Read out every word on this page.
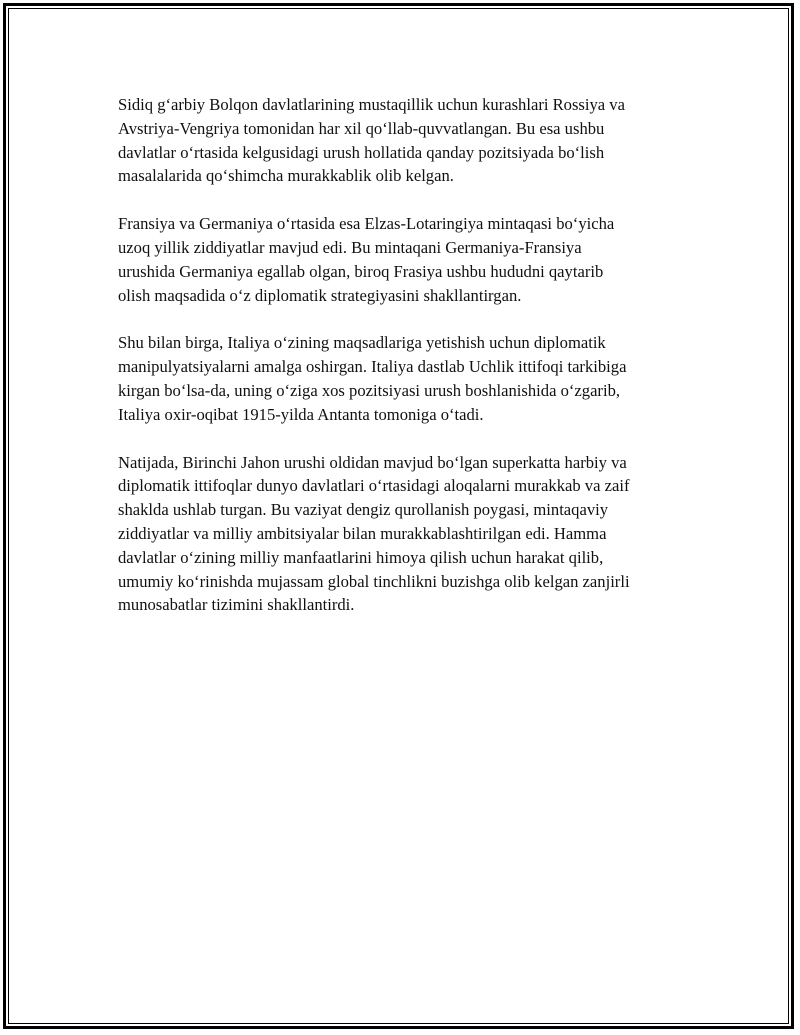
Sidiq g‘arbiy Bolqon davlatlarining mustaqillik uchun kurashlari Rossiya va
Avstriya-Vengriya tomonidan har xil qo‘llab-quvvatlangan. Bu esa ushbu
davlatlar o‘rtasida kelgusidagi urush hollatida qanday pozitsiyada bo‘lish
masalalarida qo‘shimcha murakkablik olib kelgan.

Fransiya va Germaniya o‘rtasida esa Elzas-Lotaringiya mintaqasi bo‘yicha
uzoq yillik ziddiyatlar mavjud edi. Bu mintaqani Germaniya-Fransiya
urushida Germaniya egallab olgan, biroq Frasiya ushbu hududni qaytarib
olish maqsadida o‘z diplomatik strategiyasini shakllantirgan.

Shu bilan birga, Italiya o‘zining maqsadlariga yetishish uchun diplomatik
manipulyatsiyalarni amalga oshirgan. Italiya dastlab Uchlik ittifoqi tarkibiga
kirgan bo‘lsa-da, uning o‘ziga xos pozitsiyasi urush boshlanishida o‘zgarib,
Italiya oxir-oqibat 1915-yilda Antanta tomoniga o‘tadi.

Natijada, Birinchi Jahon urushi oldidan mavjud bo‘lgan superkatta harbiy va
diplomatik ittifoqlar dunyo davlatlari o‘rtasidagi aloqalarni murakkab va zaif
shaklda ushlab turgan. Bu vaziyat dengiz qurollanish poygasi, mintaqaviy
ziddiyatlar va milliy ambitsiyalar bilan murakkablashtirilgan edi. Hamma
davlatlar o‘zining milliy manfaatlarini himoya qilish uchun harakat qilib,
umumiy ko‘rinishda mujassam global tinchlikni buzishga olib kelgan zanjirli
munosabatlar tizimini shakllantirdi.
